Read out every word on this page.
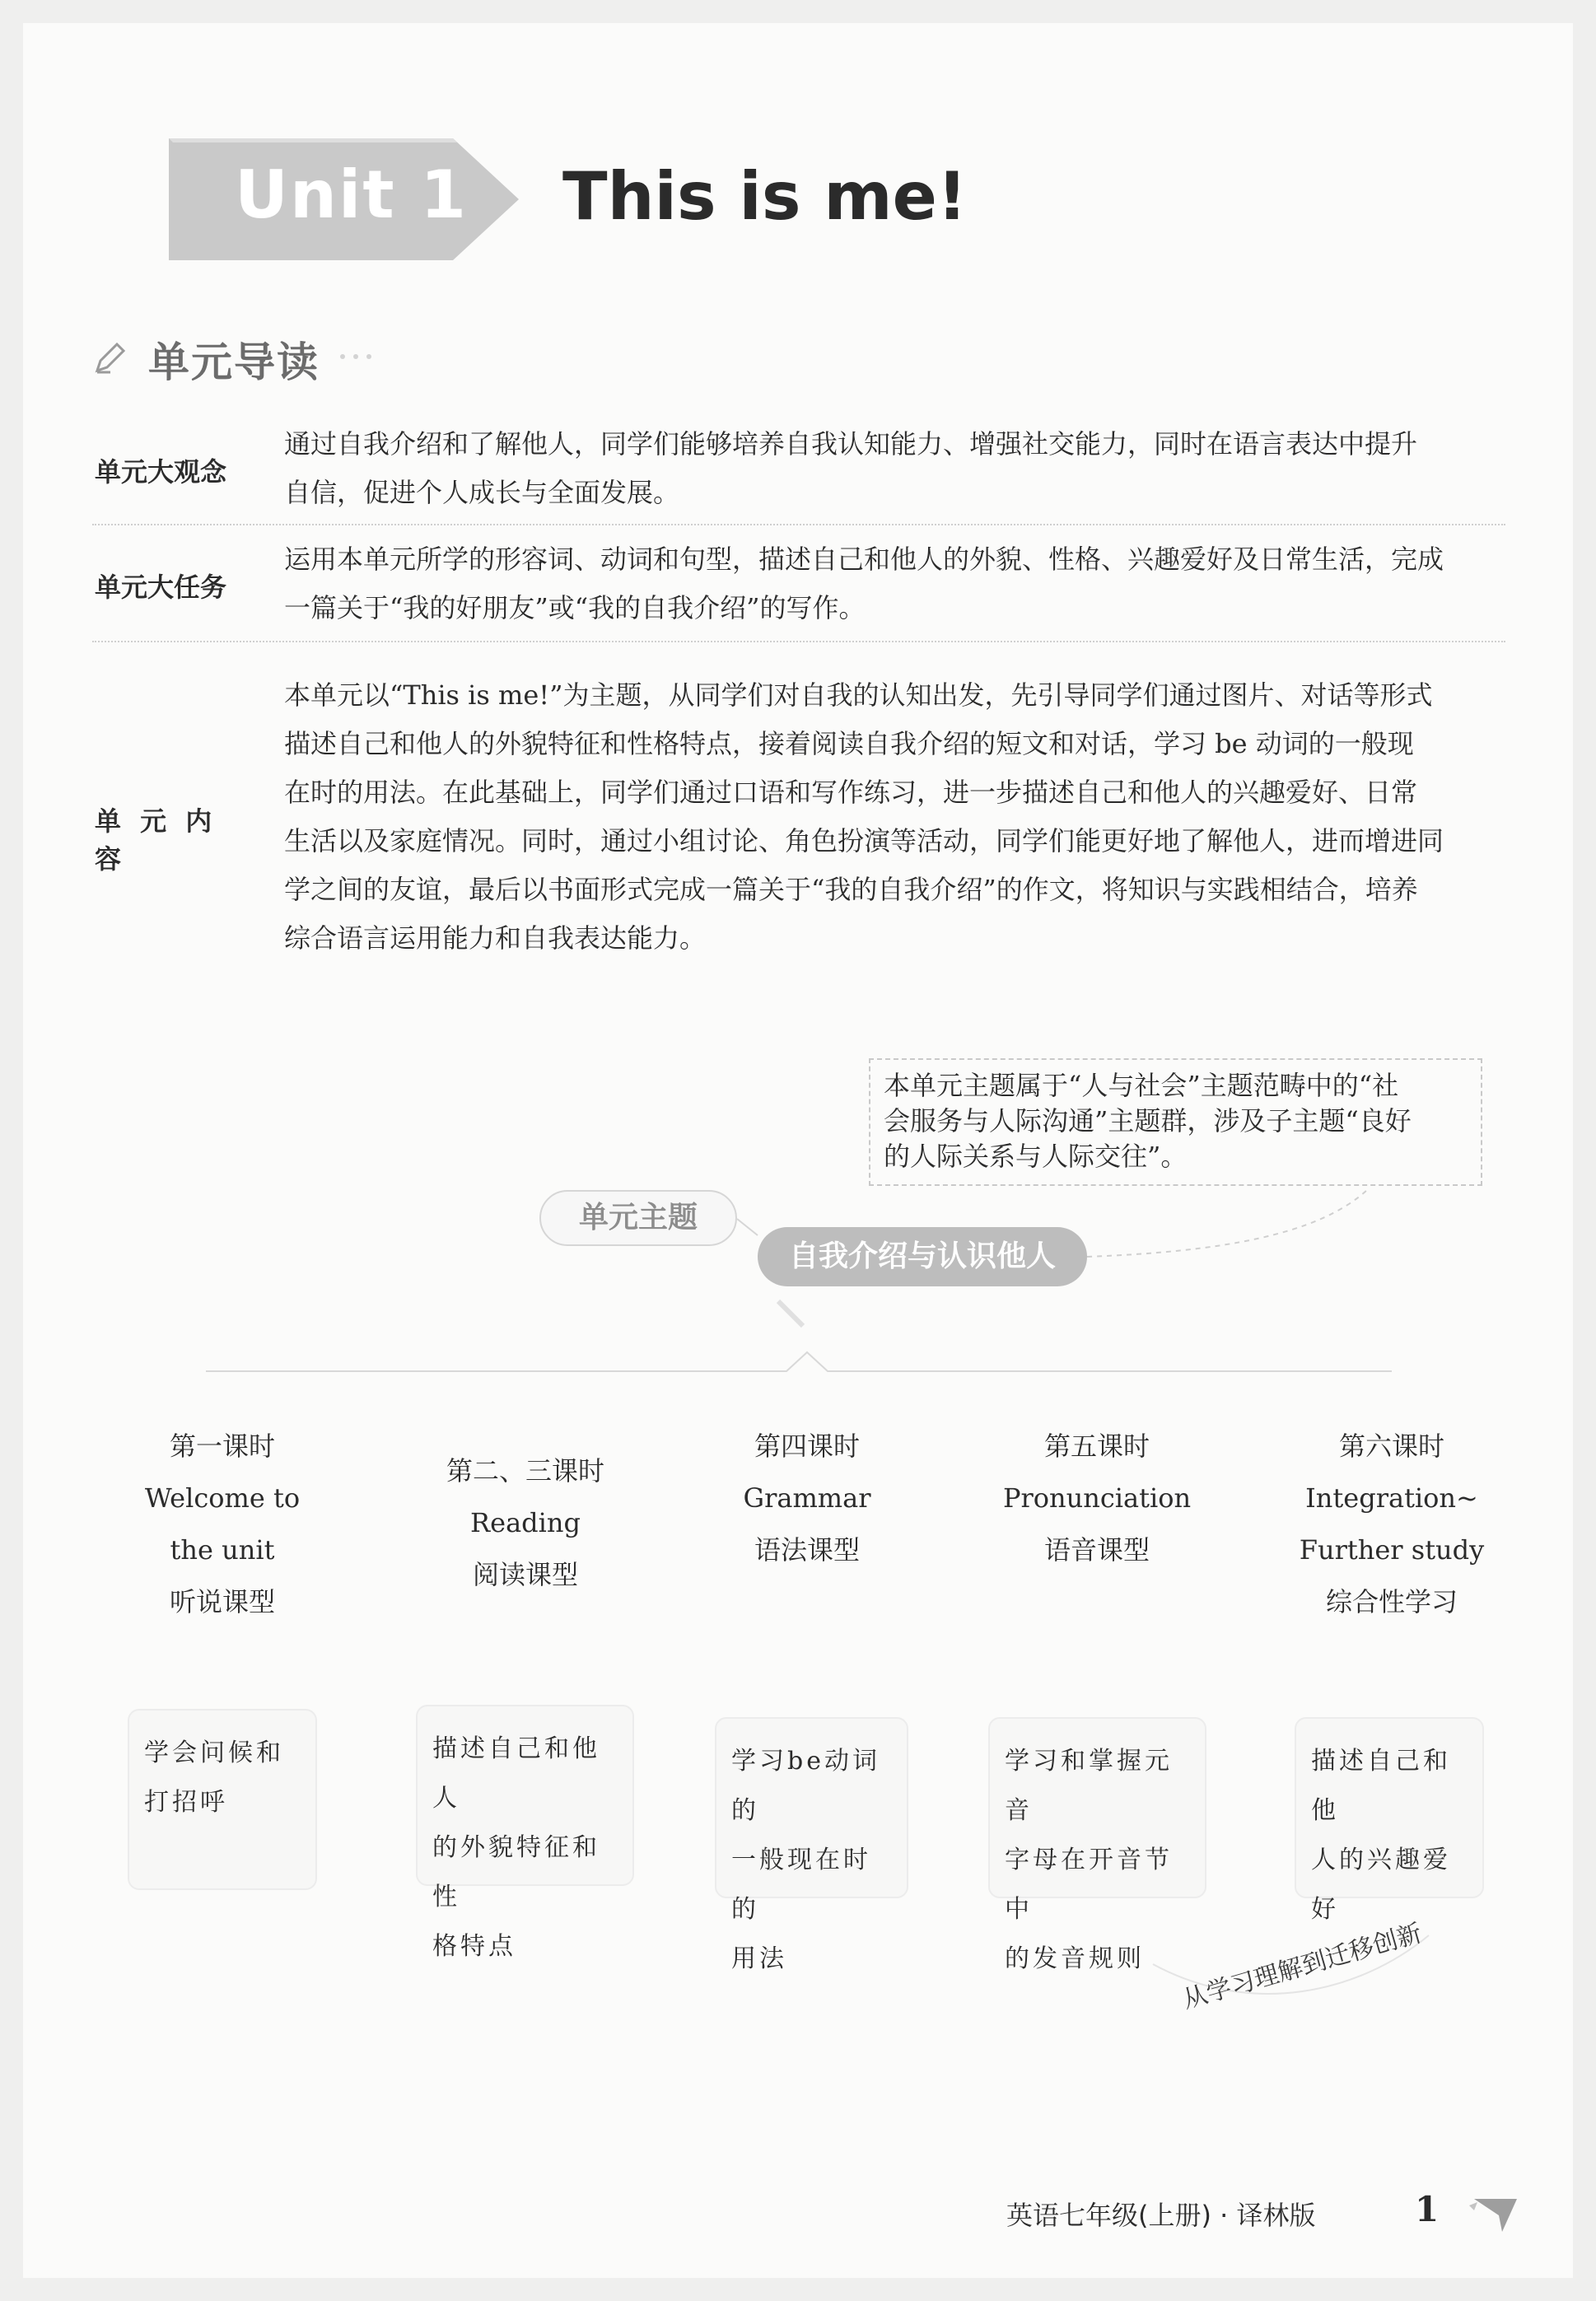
Unit 1 This is me!
单元导读
单元大观念
通过自我介绍和了解他人，同学们能够培养自我认知能力、增强社交能力，同时在语言表达中提升
自信，促进个人成长与全面发展。
单元大任务
运用本单元所学的形容词、动词和句型，描述自己和他人的外貌、性格、兴趣爱好及日常生活，完成
一篇关于“我的好朋友”或“我的自我介绍”的写作。
单 元 内 容
本单元以“This is me!”为主题，从同学们对自我的认知出发，先引导同学们通过图片、对话等形式
描述自己和他人的外貌特征和性格特点，接着阅读自我介绍的短文和对话，学习 be 动词的一般现
在时的用法。在此基础上，同学们通过口语和写作练习，进一步描述自己和他人的兴趣爱好、日常
生活以及家庭情况。同时，通过小组讨论、角色扮演等活动，同学们能更好地了解他人，进而增进同
学之间的友谊，最后以书面形式完成一篇关于“我的自我介绍”的作文，将知识与实践相结合，培养
综合语言运用能力和自我表达能力。
本单元主题属于“人与社会”主题范畴中的“社
会服务与人际沟通”主题群，涉及子主题“良好
的人际关系与人际交往”。
单元主题
自我介绍与认识他人
第一课时
Welcome to
the unit
听说课型
第二、三课时
Reading
阅读课型
第四课时
Grammar
语法课型
第五课时
Pronunciation
语音课型
第六课时
Integration~
Further study
综合性学习
学会问候和
打招呼
描述自己和他人
的外貌特征和性
格特点
学习be动词的
一般现在时的
用法
学习和掌握元音
字母在开音节中
的发音规则
描述自己和他
人的兴趣爱好
从学习理解到迁移创新
英语七年级(上册) · 译林版	1
